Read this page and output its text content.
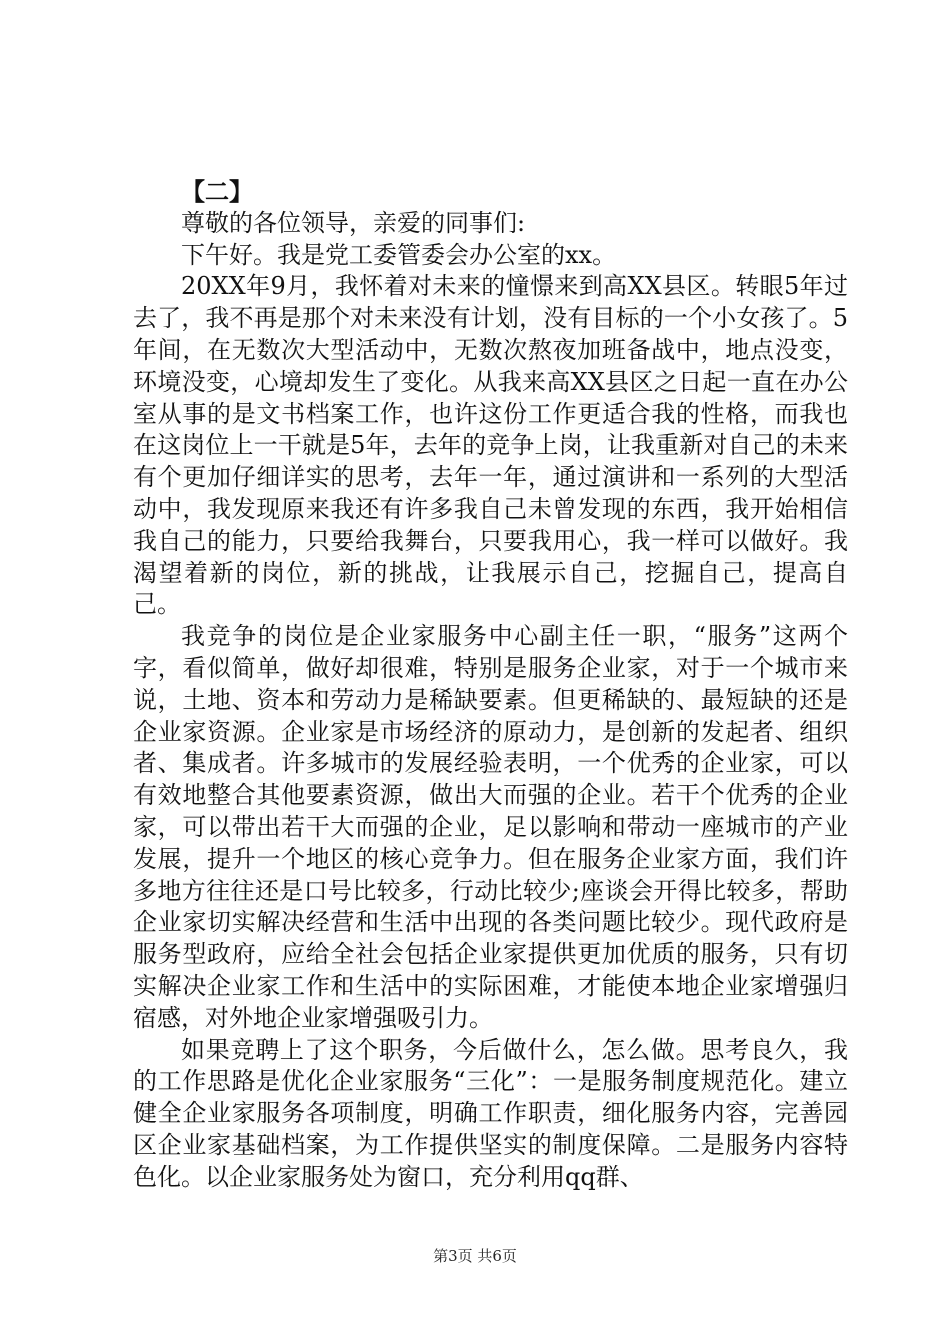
【二】

尊敬的各位领导，亲爱的同事们:

下午好。我是党工委管委会办公室的xx。

20XX年9月，我怀着对未来的憧憬来到高XX县区。转眼5年过去了，我不再是那个对未来没有计划，没有目标的一个小女孩了。5年间，在无数次大型活动中，无数次熬夜加班备战中，地点没变，环境没变，心境却发生了变化。从我来高XX县区之日起一直在办公室从事的是文书档案工作，也许这份工作更适合我的性格，而我也在这岗位上一干就是5年，去年的竞争上岗，让我重新对自己的未来有个更加仔细详实的思考，去年一年，通过演讲和一系列的大型活动中，我发现原来我还有许多我自己未曾发现的东西，我开始相信我自己的能力，只要给我舞台，只要我用心，我一样可以做好。我渴望着新的岗位，新的挑战，让我展示自己，挖掘自己，提高自己。

我竞争的岗位是企业家服务中心副主任一职，“服务”这两个字，看似简单，做好却很难，特别是服务企业家，对于一个城市来说，土地、资本和劳动力是稀缺要素。但更稀缺的、最短缺的还是企业家资源。企业家是市场经济的原动力，是创新的发起者、组织者、集成者。许多城市的发展经验表明，一个优秀的企业家，可以有效地整合其他要素资源，做出大而强的企业。若干个优秀的企业家，可以带出若干大而强的企业，足以影响和带动一座城市的产业发展，提升一个地区的核心竞争力。但在服务企业家方面，我们许多地方往往还是口号比较多，行动比较少;座谈会开得比较多，帮助企业家切实解决经营和生活中出现的各类问题比较少。现代政府是服务型政府，应给全社会包括企业家提供更加优质的服务，只有切实解决企业家工作和生活中的实际困难，才能使本地企业家增强归宿感，对外地企业家增强吸引力。

如果竞聘上了这个职务，今后做什么，怎么做。思考良久，我的工作思路是优化企业家服务“三化”：一是服务制度规范化。建立健全企业家服务各项制度，明确工作职责，细化服务内容，完善园区企业家基础档案，为工作提供坚实的制度保障。二是服务内容特色化。以企业家服务处为窗口，充分利用qq群、

第3页 共6页
